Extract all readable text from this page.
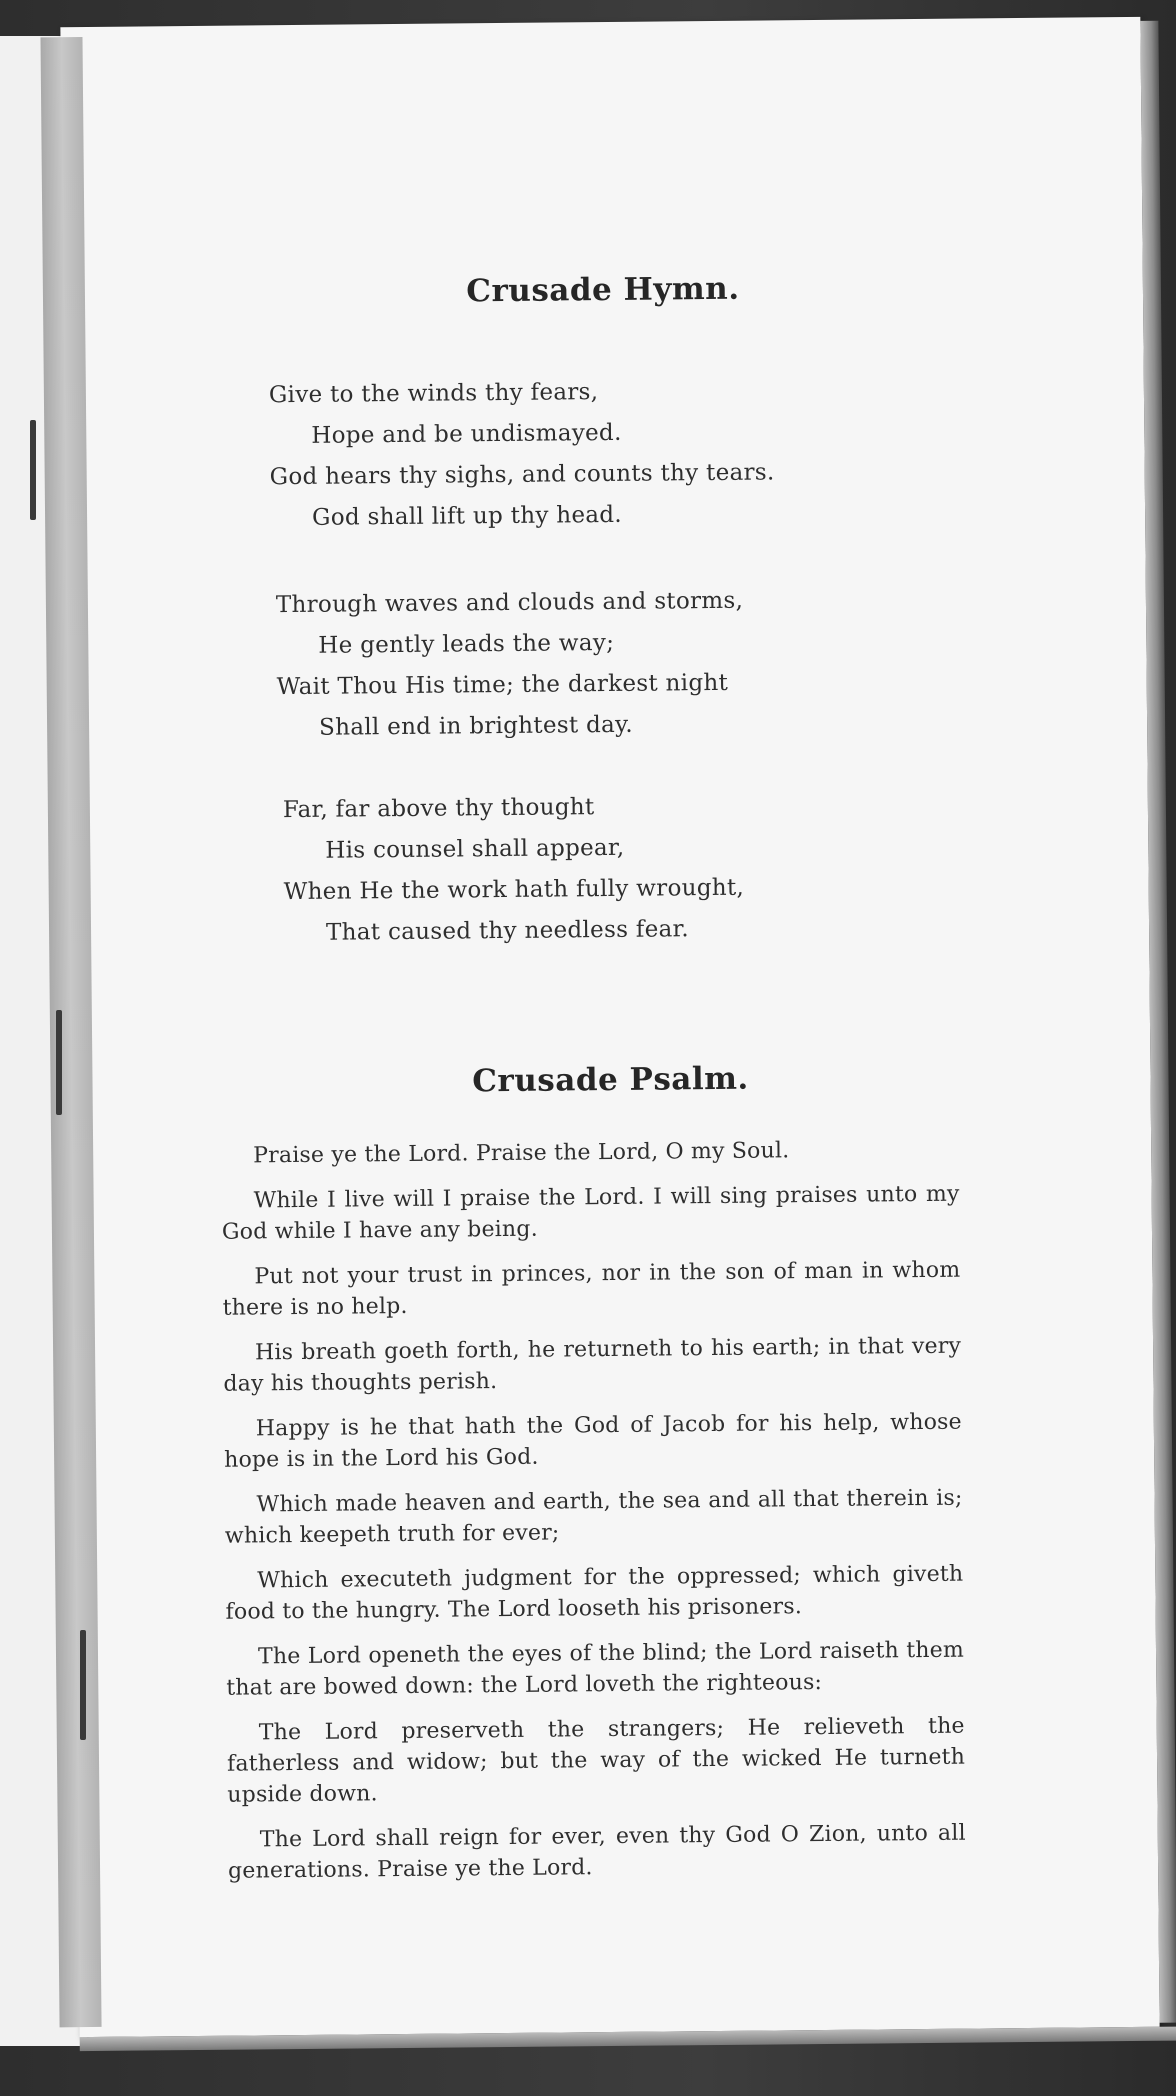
Crusade Hymn.
Give to the winds thy fears,
Hope and be undismayed.
God hears thy sighs, and counts thy tears.
God shall lift up thy head.
Through waves and clouds and storms,
He gently leads the way;
Wait Thou His time; the darkest night
Shall end in brightest day.
Far, far above thy thought
His counsel shall appear,
When He the work hath fully wrought,
That caused thy needless fear.
Crusade Psalm.

Praise ye the Lord. Praise the Lord, O my Soul.

While I live will I praise the Lord. I will sing praises unto my God while I have any being.

Put not your trust in princes, nor in the son of man in whom there is no help.

His breath goeth forth, he returneth to his earth; in that very day his thoughts perish.

Happy is he that hath the God of Jacob for his help, whose hope is in the Lord his God.

Which made heaven and earth, the sea and all that therein is; which keepeth truth for ever;

Which executeth judgment for the oppressed; which giveth food to the hungry. The Lord looseth his prisoners.

The Lord openeth the eyes of the blind; the Lord raiseth them that are bowed down: the Lord loveth the righteous:

The Lord preserveth the strangers; He relieveth the fatherless and widow; but the way of the wicked He turneth upside down.

The Lord shall reign for ever, even thy God O Zion, unto all generations. Praise ye the Lord.
